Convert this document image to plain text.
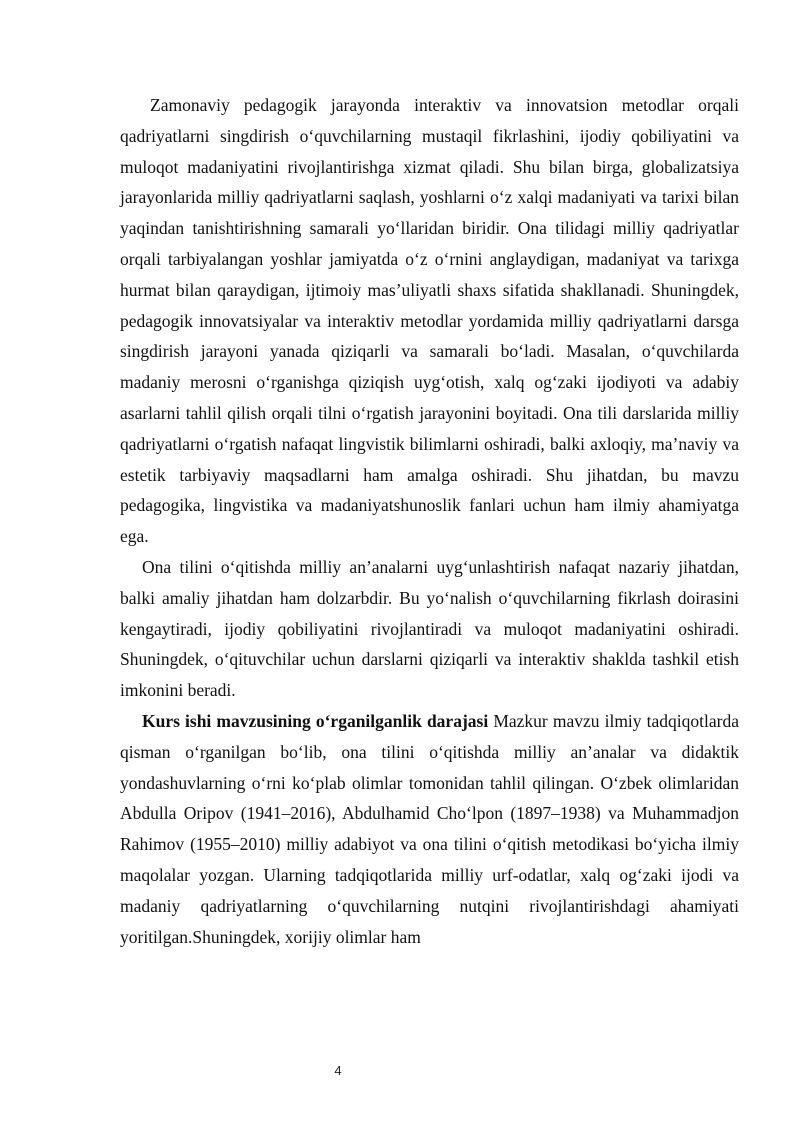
Zamonaviy pedagogik jarayonda interaktiv va innovatsion metodlar orqali qadriyatlarni singdirish o‘quvchilarning mustaqil fikrlashini, ijodiy qobiliyatini va muloqot madaniyatini rivojlantirishga xizmat qiladi. Shu bilan birga, globalizatsiya jarayonlarida milliy qadriyatlarni saqlash, yoshlarni o‘z xalqi madaniyati va tarixi bilan yaqindan tanishtirishning samarali yo‘llaridan biridir. Ona tilidagi milliy qadriyatlar orqali tarbiyalangan yoshlar jamiyatda o‘z o‘rnini anglaydigan, madaniyat va tarixga hurmat bilan qaraydigan, ijtimoiy mas’uliyatli shaxs sifatida shakllanadi. Shuningdek, pedagogik innovatsiyalar va interaktiv metodlar yordamida milliy qadriyatlarni darsga singdirish jarayoni yanada qiziqarli va samarali bo‘ladi. Masalan, o‘quvchilarda madaniy merosni o‘rganishga qiziqish uyg‘otish, xalq og‘zaki ijodiyoti va adabiy asarlarni tahlil qilish orqali tilni o‘rgatish jarayonini boyitadi. Ona tili darslarida milliy qadriyatlarni o‘rgatish nafaqat lingvistik bilimlarni oshiradi, balki axloqiy, ma’naviy va estetik tarbiyaviy maqsadlarni ham amalga oshiradi. Shu jihatdan, bu mavzu pedagogika, lingvistika va madaniyatshunoslik fanlari uchun ham ilmiy ahamiyatga ega.

Ona tilini o‘qitishda milliy an’analarni uyg‘unlashtirish nafaqat nazariy jihatdan, balki amaliy jihatdan ham dolzarbdir. Bu yo‘nalish o‘quvchilarning fikrlash doirasini kengaytiradi, ijodiy qobiliyatini rivojlantiradi va muloqot madaniyatini oshiradi. Shuningdek, o‘qituvchilar uchun darslarni qiziqarli va interaktiv shaklda tashkil etish imkonini beradi.

Kurs ishi mavzusining o‘rganilganlik darajasi Mazkur mavzu ilmiy tadqiqotlarda qisman o‘rganilgan bo‘lib, ona tilini o‘qitishda milliy an’analar va didaktik yondashuvlarning o‘rni ko‘plab olimlar tomonidan tahlil qilingan. O‘zbek olimlaridan Abdulla Oripov (1941–2016), Abdulhamid Cho‘lpon (1897–1938) va Muhammadjon Rahimov (1955–2010) milliy adabiyot va ona tilini o‘qitish metodikasi bo‘yicha ilmiy maqolalar yozgan. Ularning tadqiqotlarida milliy urf-odatlar, xalq og‘zaki ijodi va madaniy qadriyatlarning o‘quvchilarning nutqini rivojlantirishdagi ahamiyati yoritilgan.Shuningdek, xorijiy olimlar ham

4
